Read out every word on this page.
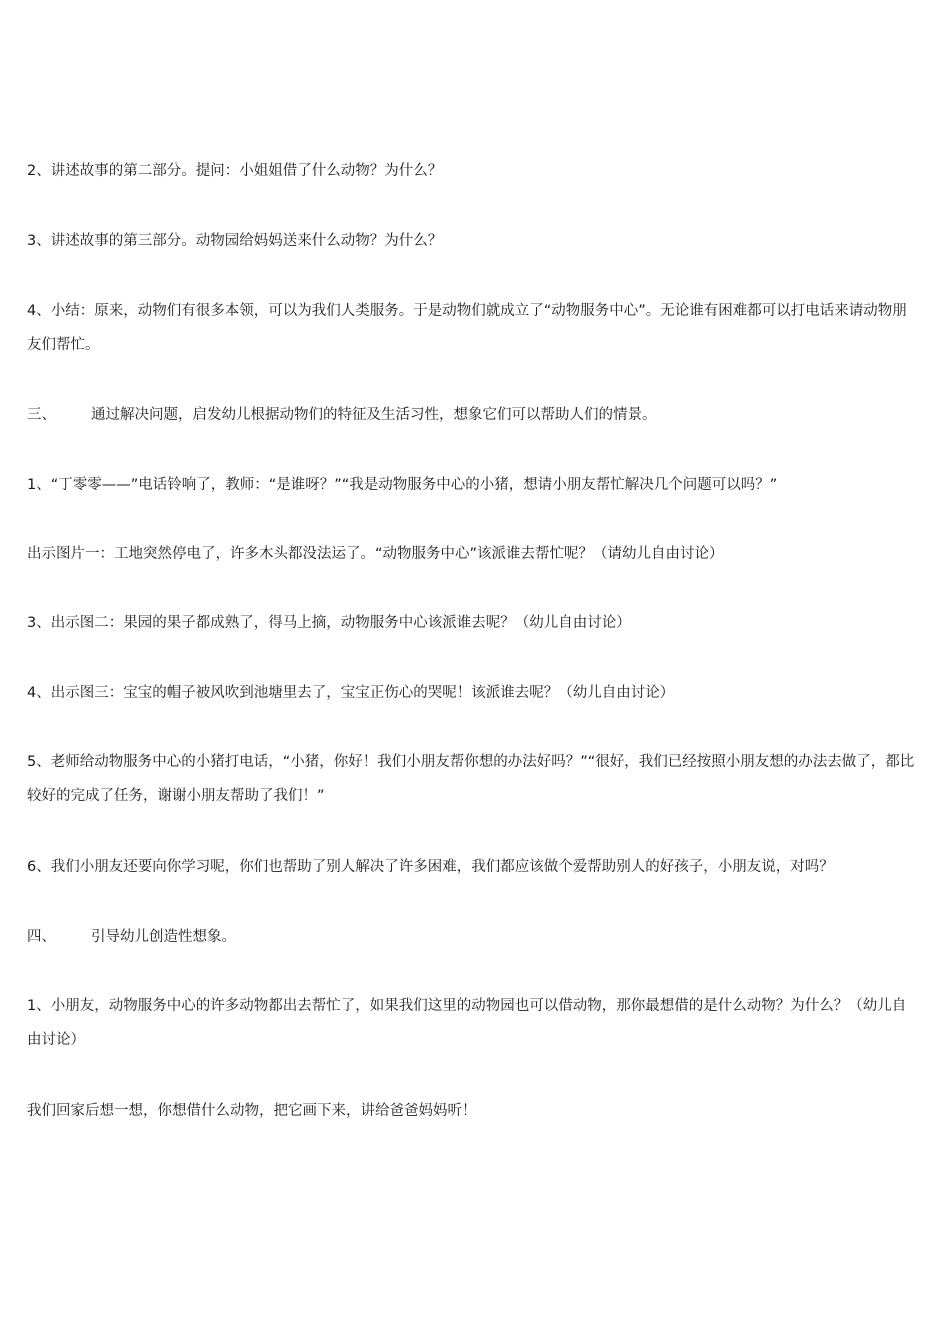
2、讲述故事的第二部分。提问：小姐姐借了什么动物？为什么？

3、讲述故事的第三部分。动物园给妈妈送来什么动物？为什么？

4、小结：原来，动物们有很多本领，可以为我们人类服务。于是动物们就成立了“动物服务中心”。无论谁有困难都可以打电话来请动物朋友们帮忙。

三、 通过解决问题，启发幼儿根据动物们的特征及生活习性，想象它们可以帮助人们的情景。

1、“丁零零——”电话铃响了，教师：“是谁呀？”“我是动物服务中心的小猪，想请小朋友帮忙解决几个问题可以吗？”

出示图片一：工地突然停电了，许多木头都没法运了。“动物服务中心”该派谁去帮忙呢？（请幼儿自由讨论）

3、出示图二：果园的果子都成熟了，得马上摘，动物服务中心该派谁去呢？（幼儿自由讨论）

4、出示图三：宝宝的帽子被风吹到池塘里去了，宝宝正伤心的哭呢！该派谁去呢？（幼儿自由讨论）

5、老师给动物服务中心的小猪打电话，“小猪，你好！我们小朋友帮你想的办法好吗？”“很好，我们已经按照小朋友想的办法去做了，都比较好的完成了任务，谢谢小朋友帮助了我们！”

6、我们小朋友还要向你学习呢，你们也帮助了别人解决了许多困难，我们都应该做个爱帮助别人的好孩子，小朋友说，对吗？

四、 引导幼儿创造性想象。

1、小朋友，动物服务中心的许多动物都出去帮忙了，如果我们这里的动物园也可以借动物，那你最想借的是什么动物？为什么？（幼儿自由讨论）

我们回家后想一想，你想借什么动物，把它画下来，讲给爸爸妈妈听！
